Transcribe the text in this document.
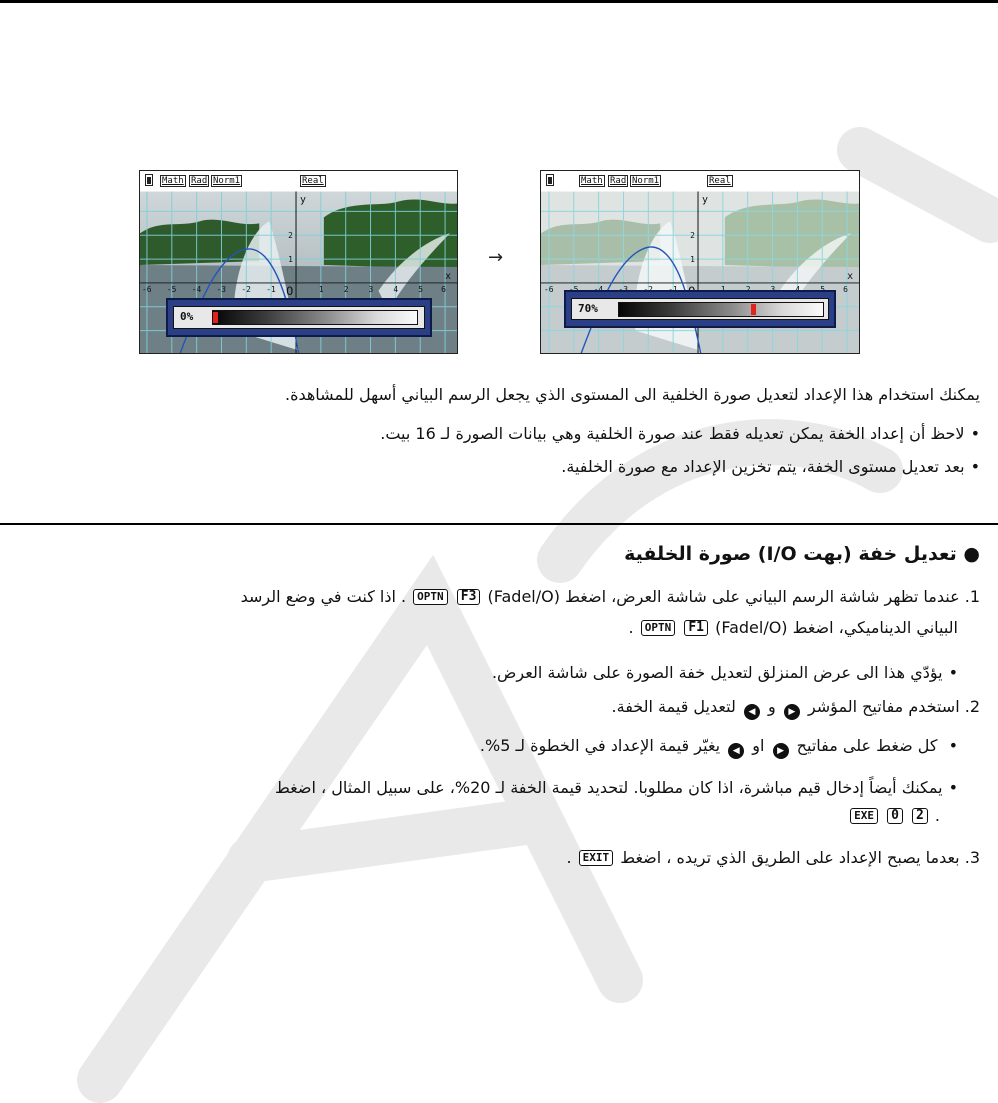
Math Rad Norm1	Real
y
x
O
-6 -5 -4 -3 -2 -1	1	2	3	4	5 6
2
1
0%
→
Math Rad Norm1	Real
y
x
-6	6
2
1
70%
يمكنك استخدام هذا الإعداد لتعديل صورة الخلفية الى المستوى الذي يجعل الرسم البياني أسهل للمشاهدة.
• لاحظ أن إعداد الخفة يمكن تعديله فقط عند صورة الخلفية وهي بيانات الصورة لـ 16 بيت.
• بعد تعديل مستوى الخفة، يتم تخزين الإعداد مع صورة الخلفية.
● تعديل خفة (بهت I/O) صورة الخلفية
1. عندما تظهر شاشة الرسم البياني على شاشة العرض، اضغط (Fadel/O) F3 OPTN . اذا كنت في وضع الرسد
البياني الديناميكي، اضغط (Fadel/O) F1 OPTN .
• يؤدّي هذا الى عرض المنزلق لتعديل خفة الصورة على شاشة العرض.
2. استخدم مفاتيح المؤشر ▶ و ◀ لتعديل قيمة الخفة.
• كل ضغط على مفاتيح ▶ او ◀ يغيّر قيمة الإعداد في الخطوة لـ 5%.
• يمكنك أيضاً إدخال قيم مباشرة، اذا كان مطلوبا. لتحديد قيمة الخفة لـ 20%، على سبيل المثال ، اضغط
EXE 0 2 .
3. بعدما يصبح الإعداد على الطريق الذي تريده ، اضغط EXIT .
